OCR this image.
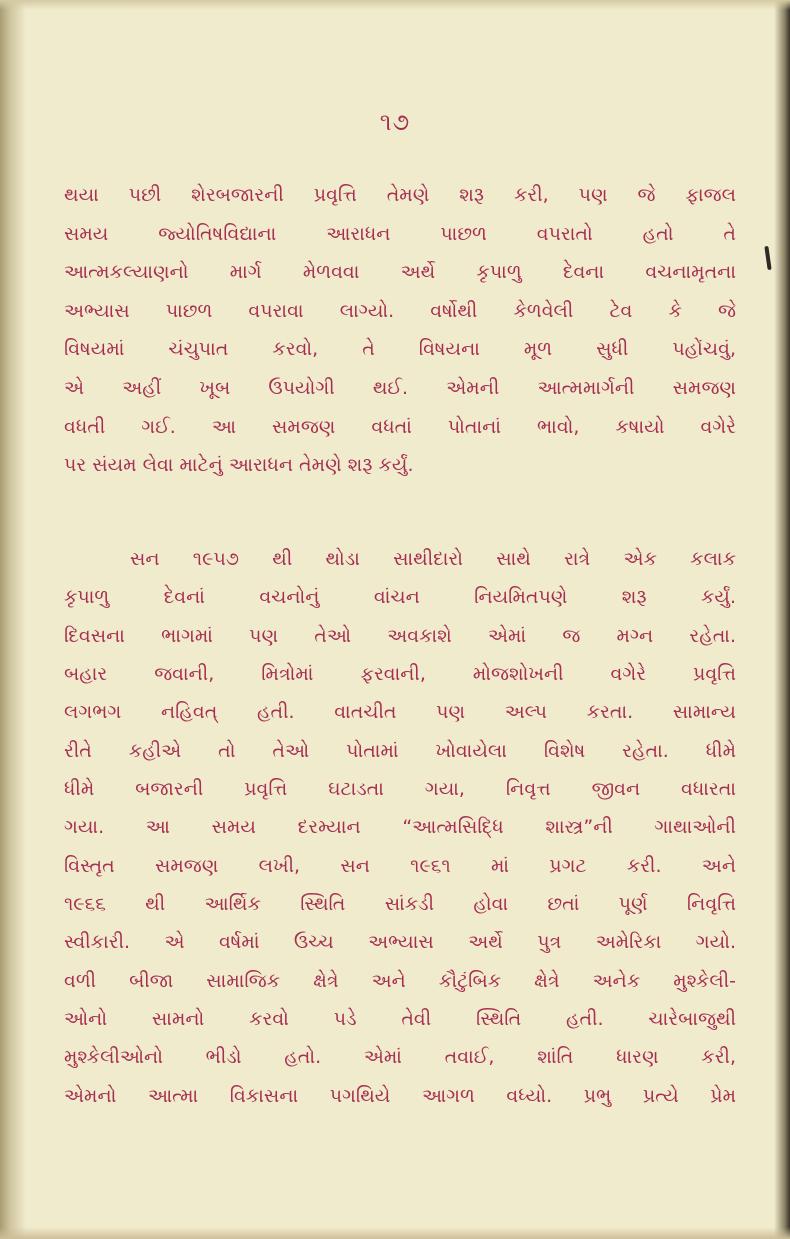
૧૭
થયા પછી શેરબજારની પ્રવૃત્તિ તેમણે શરૂ કરી, પણ જે ફાજલ
સમય જ્યોતિષવિદ્યાના આરાધન પાછળ વપરાતો હતો તે
આત્મકલ્યાણનો માર્ગ મેળવવા અર્થે કૃપાળુ દેવના વચનામૃતના
અભ્યાસ પાછળ વપરાવા લાગ્યો. વર્ષોથી કેળવેલી ટેવ કે જે
વિષયમાં ચંચુપાત કરવો, તે વિષયના મૂળ સુધી પહોંચવું,
એ અહીં ખૂબ ઉપયોગી થઈ. એમની આત્મમાર્ગની સમજણ
વધતી ગઈ. આ સમજણ વધતાં પોતાનાં ભાવો, કષાયો વગેરે
પર સંયમ લેવા માટેનું આરાધન તેમણે શરૂ કર્યું.
સન ૧૯૫૭ થી થોડા સાથીદારો સાથે રાત્રે એક કલાક
કૃપાળુ દેવનાં વચનોનું વાંચન નિયમિતપણે શરૂ કર્યું.
દિવસના ભાગમાં પણ તેઓ અવકાશે એમાં જ મગ્ન રહેતા.
બહાર જવાની, મિત્રોમાં ફરવાની, મોજશોખની વગેરે પ્રવૃત્તિ
લગભગ નહિવત્ હતી. વાતચીત પણ અલ્પ કરતા. સામાન્ય
રીતે કહીએ તો તેઓ પોતામાં ખોવાયેલા વિશેષ રહેતા. ધીમે
ધીમે બજારની પ્રવૃત્તિ ઘટાડતા ગયા, નિવૃત્ત જીવન વધારતા
ગયા. આ સમય દરમ્યાન “આત્મસિદ્ધિ શાસ્ત્ર”ની ગાથાઓની
વિસ્તૃત સમજણ લખી, સન ૧૯૬૧ માં પ્રગટ કરી. અને
૧૯૬૬ થી આર્થિક સ્થિતિ સાંકડી હોવા છતાં પૂર્ણ નિવૃત્તિ
સ્વીકારી. એ વર્ષમાં ઉચ્ચ અભ્યાસ અર્થે પુત્ર અમેરિકા ગયો.
વળી બીજા સામાજિક ક્ષેત્રે અને કૌટુંબિક ક્ષેત્રે અનેક મુશ્કેલી-
ઓનો સામનો કરવો પડે તેવી સ્થિતિ હતી. ચારેબાજુથી
મુશ્કેલીઓનો ભીડો હતો. એમાં તવાઈ, શાંતિ ધારણ કરી,
એમનો આત્મા વિકાસના પગથિયે આગળ વધ્યો. પ્રભુ પ્રત્યે પ્રેમ
